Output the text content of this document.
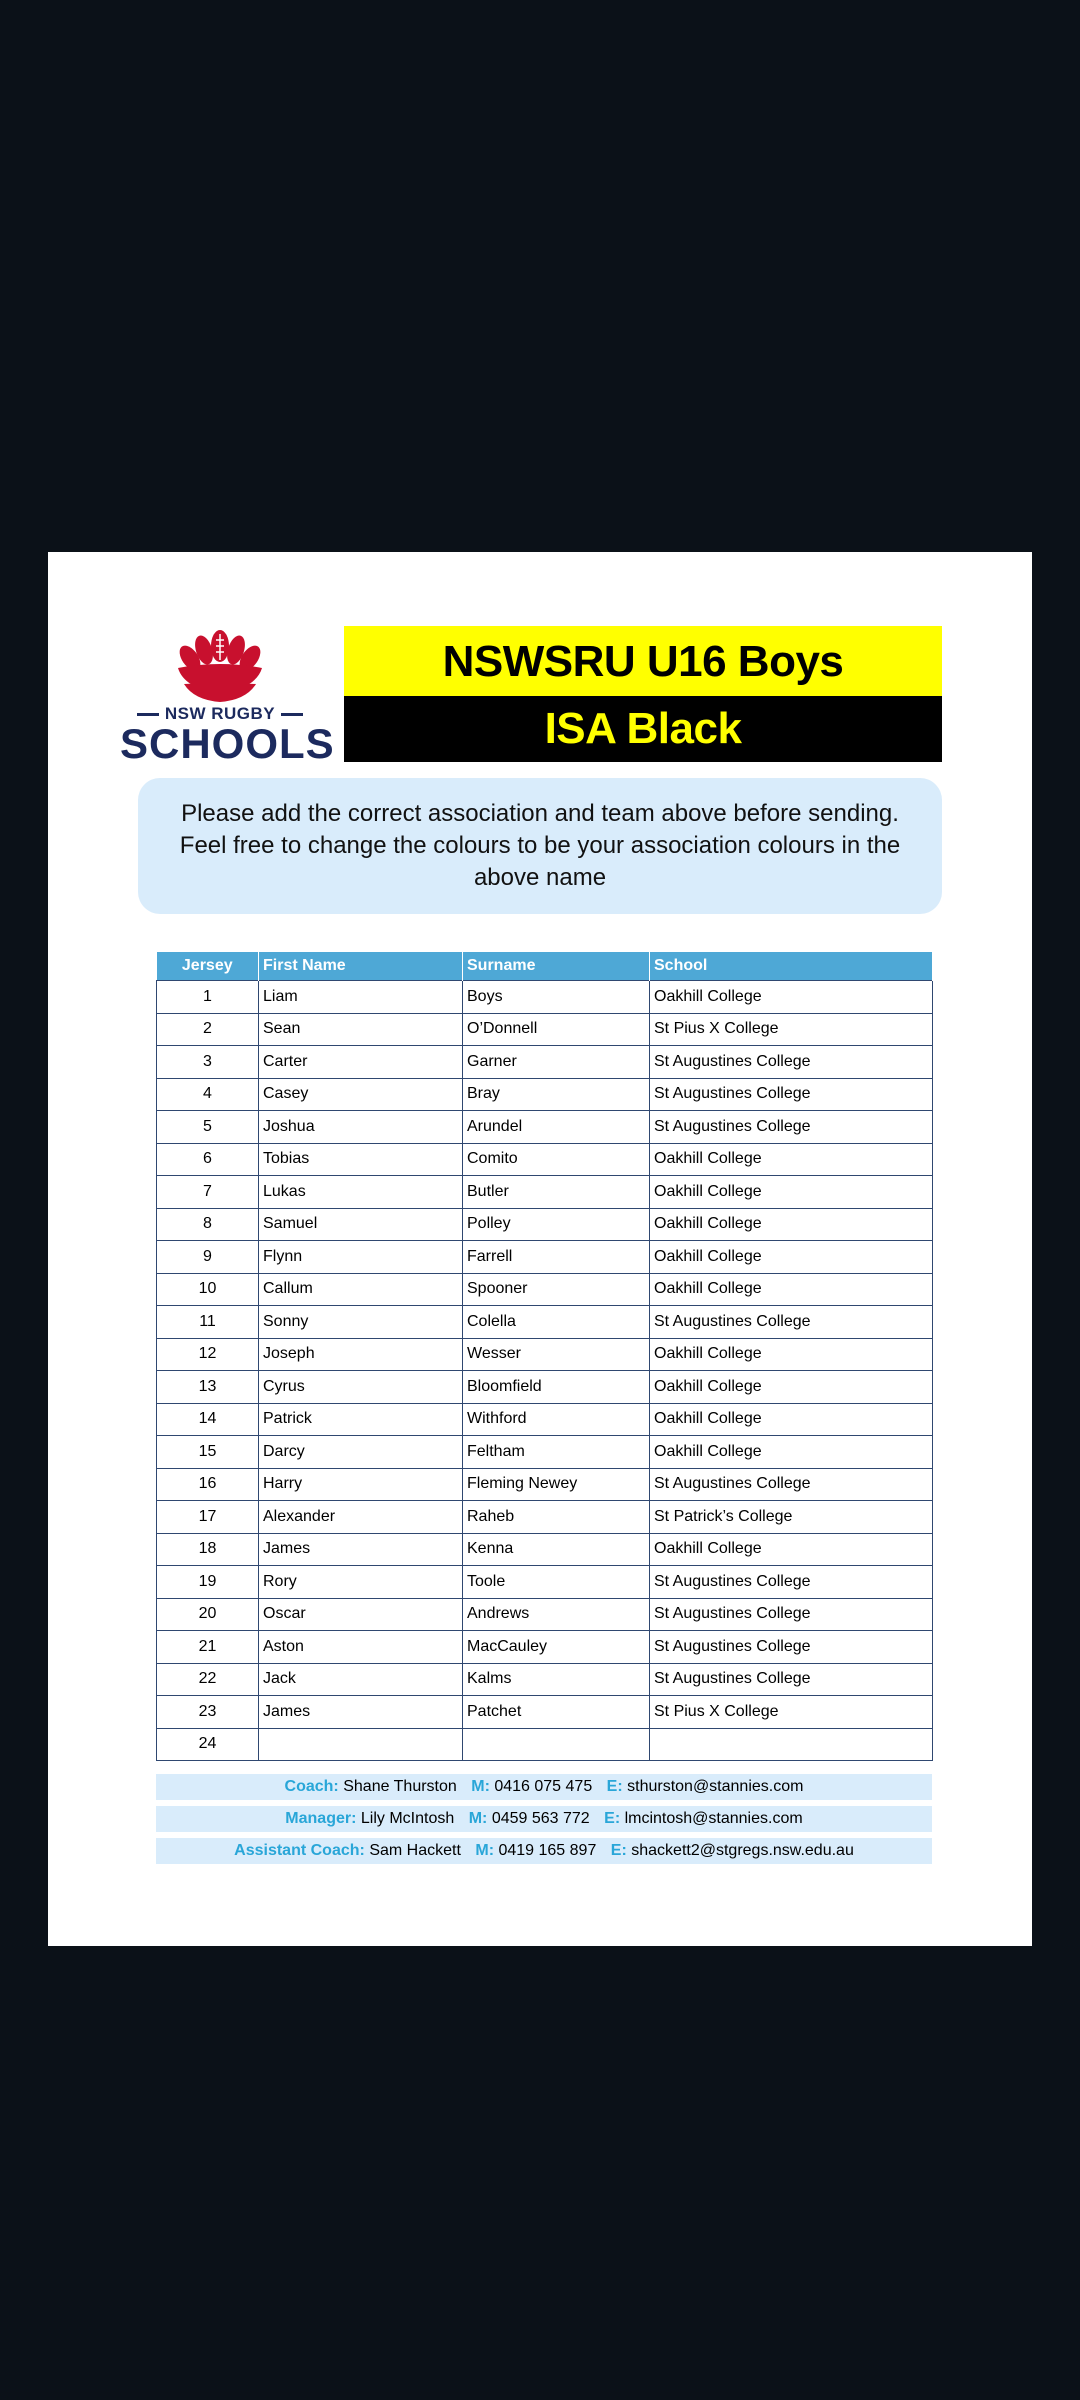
NSW RUGBY
SCHOOLS
NSWSRU U16 Boys
ISA Black
Please add the correct association and team above before sending. Feel free to change the colours to be your association colours in the above name
Jersey	First Name	Surname	School
1	Liam	Boys	Oakhill College
2	Sean	O’Donnell	St Pius X College
3	Carter	Garner	St Augustines College
4	Casey	Bray	St Augustines College
5	Joshua	Arundel	St Augustines College
6	Tobias	Comito	Oakhill College
7	Lukas	Butler	Oakhill College
8	Samuel	Polley	Oakhill College
9	Flynn	Farrell	Oakhill College
10	Callum	Spooner	Oakhill College
11	Sonny	Colella	St Augustines College
12	Joseph	Wesser	Oakhill College
13	Cyrus	Bloomfield	Oakhill College
14	Patrick	Withford	Oakhill College
15	Darcy	Feltham	Oakhill College
16	Harry	Fleming Newey	St Augustines College
17	Alexander	Raheb	St Patrick’s College
18	James	Kenna	Oakhill College
19	Rory	Toole	St Augustines College
20	Oscar	Andrews	St Augustines College
21	Aston	MacCauley	St Augustines College
22	Jack	Kalms	St Augustines College
23	James	Patchet	St Pius X College
24			
Coach: Shane Thurston M: 0416 075 475 E: sthurston@stannies.com
Manager: Lily McIntosh M: 0459 563 772 E: lmcintosh@stannies.com
Assistant Coach: Sam Hackett M: 0419 165 897 E: shackett2@stgregs.nsw.edu.au
